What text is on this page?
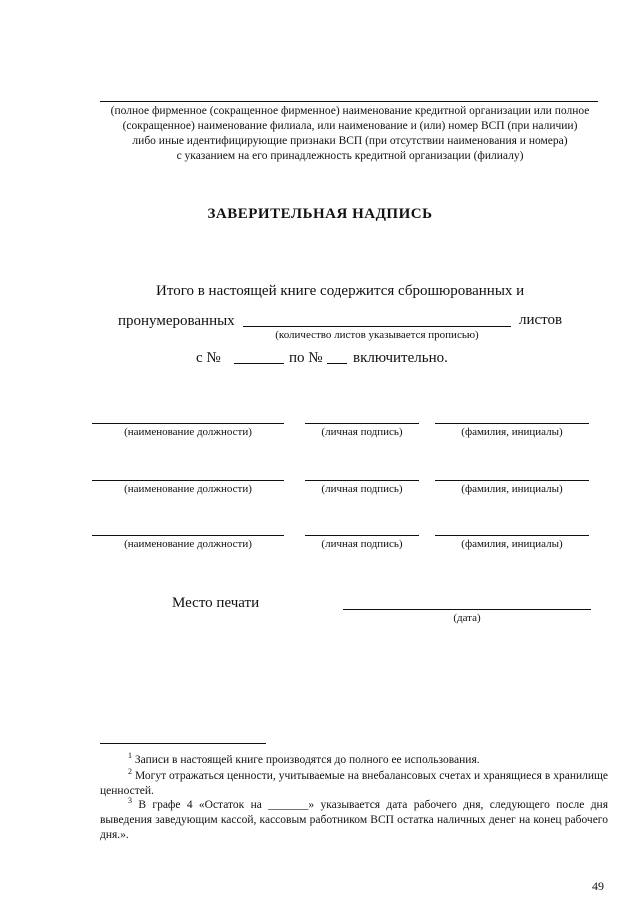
(полное фирменное (сокращенное фирменное) наименование кредитной организации или полное
(сокращенное) наименование филиала, или наименование и (или) номер ВСП (при наличии)
либо иные идентифицирующие признаки ВСП (при отсутствии наименования и номера)
с указанием на его принадлежность кредитной организации (филиалу)
ЗАВЕРИТЕЛЬНАЯ НАДПИСЬ
Итого в настоящей книге содержится сброшюрованных и
пронумерованных	листов
(количество листов указывается прописью)
с №	по № включительно.
(наименование должности)	(личная подпись)	(фамилия, инициалы)
(наименование должности)	(личная подпись)	(фамилия, инициалы)
(наименование должности)	(личная подпись)	(фамилия, инициалы)
Место печати
(дата)
$^1$ Записи в настоящей книге производятся до полного ее использования.
$^2$ Могут отражаться ценности, учитываемые на внебалансовых счетах и хранящиеся в хранилище ценностей.
$^3$ В графе 4 «Остаток на _______» указывается дата рабочего дня, следующего после дня выведения заведующим кассой, кассовым работником ВСП остатка наличных денег на конец рабочего дня.».
49
